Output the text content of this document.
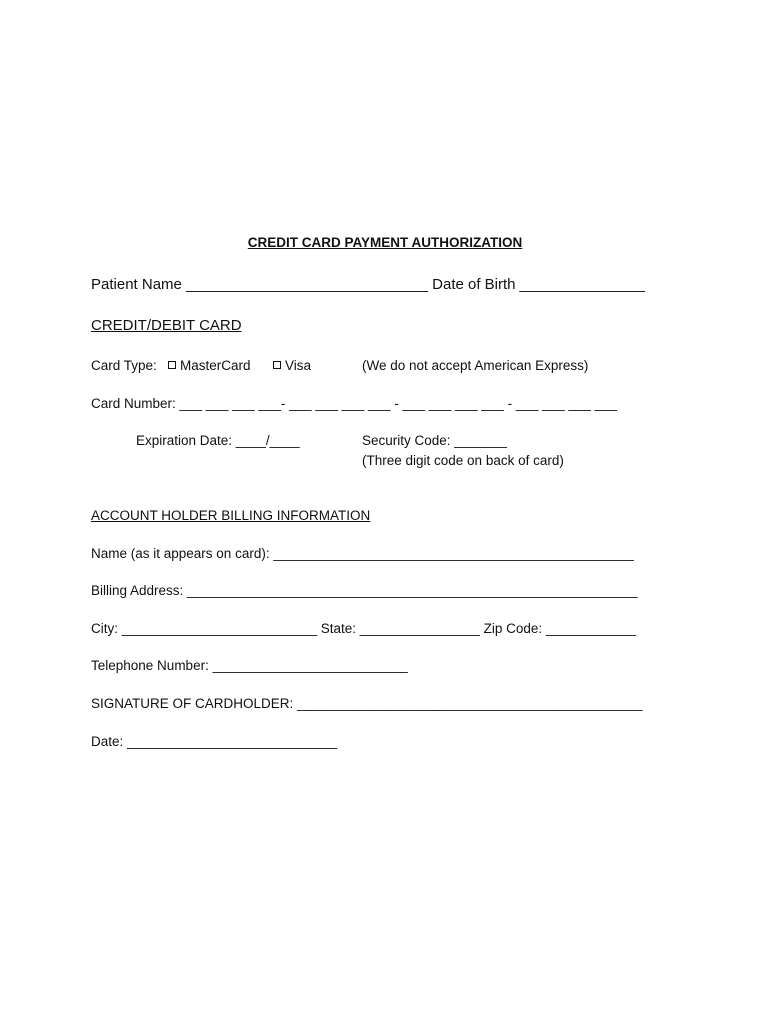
CREDIT CARD PAYMENT AUTHORIZATION
Patient Name _____________________________ Date of Birth _______________
CREDIT/DEBIT CARD
Card Type:	MasterCard	Visa	(We do not accept American Express)
Card Number: ___ ___ ___ ___- ___ ___ ___ ___ - ___ ___ ___ ___ - ___ ___ ___ ___
Expiration Date: ____/____	Security Code: _______
(Three digit code on back of card)
ACCOUNT HOLDER BILLING INFORMATION
Name (as it appears on card): ________________________________________________
Billing Address: ____________________________________________________________
City: __________________________ State: ________________ Zip Code: ____________
Telephone Number: __________________________
SIGNATURE OF CARDHOLDER: ______________________________________________
Date: ____________________________
